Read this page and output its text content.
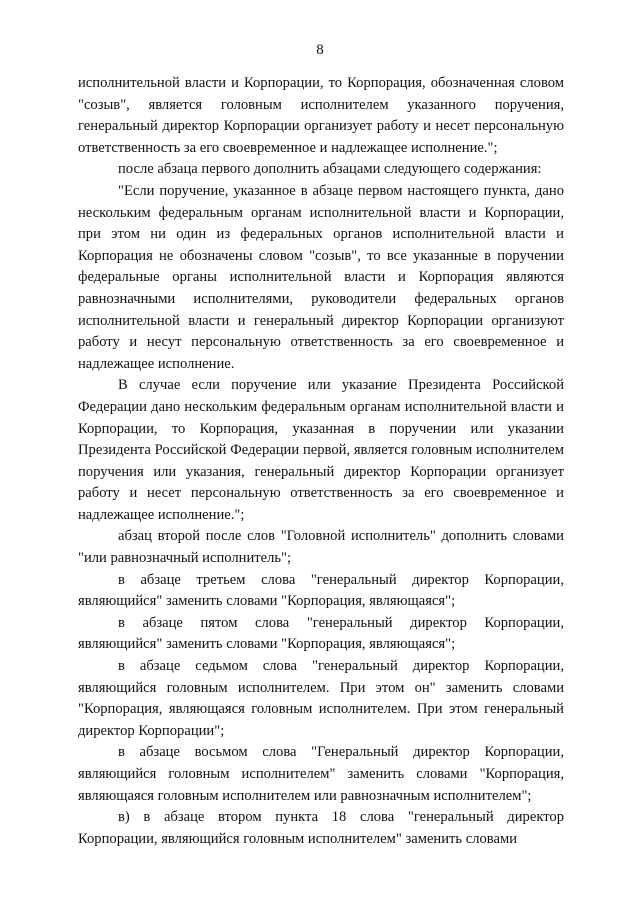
8

исполнительной власти и Корпорации, то Корпорация, обозначенная словом "созыв", является головным исполнителем указанного поручения, генеральный директор Корпорации организует работу и несет персональную ответственность за его своевременное и надлежащее исполнение.";

после абзаца первого дополнить абзацами следующего содержания:

"Если поручение, указанное в абзаце первом настоящего пункта, дано нескольким федеральным органам исполнительной власти и Корпорации, при этом ни один из федеральных органов исполнительной власти и Корпорация не обозначены словом "созыв", то все указанные в поручении федеральные органы исполнительной власти и Корпорация являются равнозначными исполнителями, руководители федеральных органов исполнительной власти и генеральный директор Корпорации организуют работу и несут персональную ответственность за его своевременное и надлежащее исполнение.

В случае если поручение или указание Президента Российской Федерации дано нескольким федеральным органам исполнительной власти и Корпорации, то Корпорация, указанная в поручении или указании Президента Российской Федерации первой, является головным исполнителем поручения или указания, генеральный директор Корпорации организует работу и несет персональную ответственность за его своевременное и надлежащее исполнение.";

абзац второй после слов "Головной исполнитель" дополнить словами "или равнозначный исполнитель";

в абзаце третьем слова "генеральный директор Корпорации, являющийся" заменить словами "Корпорация, являющаяся";

в абзаце пятом слова "генеральный директор Корпорации, являющийся" заменить словами "Корпорация, являющаяся";

в абзаце седьмом слова "генеральный директор Корпорации, являющийся головным исполнителем. При этом он" заменить словами "Корпорация, являющаяся головным исполнителем. При этом генеральный директор Корпорации";

в абзаце восьмом слова "Генеральный директор Корпорации, являющийся головным исполнителем" заменить словами "Корпорация, являющаяся головным исполнителем или равнозначным исполнителем";

в) в абзаце втором пункта 18 слова "генеральный директор Корпорации, являющийся головным исполнителем" заменить словами
